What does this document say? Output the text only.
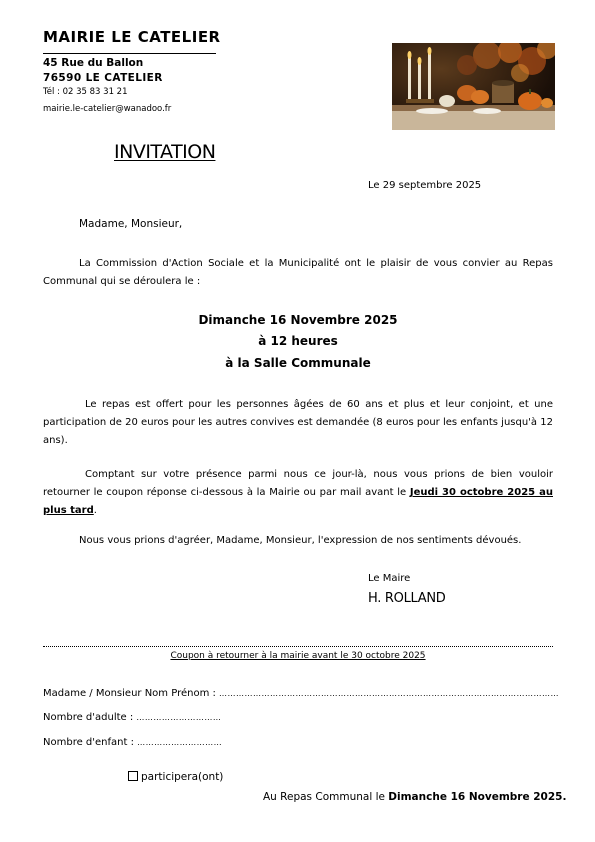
MAIRIE LE CATELIER
45 Rue du Ballon
76590 LE CATELIER
Tél : 02 35 83 31 21
mairie.le-catelier@wanadoo.fr
INVITATION
Le 29 septembre 2025
Madame, Monsieur,
La Commission d'Action Sociale et la Municipalité ont le plaisir de vous convier au Repas Communal qui se déroulera le :
Dimanche 16 Novembre 2025
à 12 heures
à la Salle Communale
Le repas est offert pour les personnes âgées de 60 ans et plus et leur conjoint, et une participation de 20 euros pour les autres convives est demandée (8 euros pour les enfants jusqu'à 12 ans).
Comptant sur votre présence parmi nous ce jour-là, nous vous prions de bien vouloir retourner le coupon réponse ci-dessous à la Mairie ou par mail avant le Jeudi 30 octobre 2025 au plus tard.
Nous vous prions d'agréer, Madame, Monsieur, l'expression de nos sentiments dévoués.
Le Maire
H. ROLLAND
Coupon à retourner à la mairie avant le 30 octobre 2025
Madame / Monsieur Nom Prénom : …………………………………………………………………………………………………………
Nombre d'adulte : …………………………
Nombre d'enfant : …………………………
participera(ont)
Au Repas Communal le Dimanche 16 Novembre 2025.
